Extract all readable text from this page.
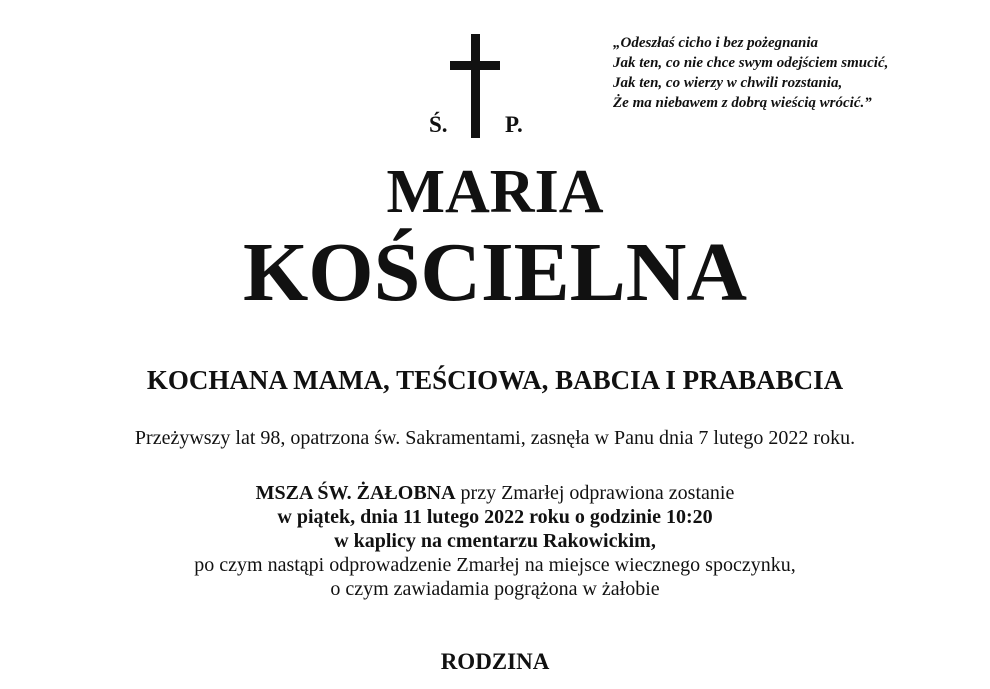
Ś. P.
„Odeszłaś cicho i bez pożegnania
Jak ten, co nie chce swym odejściem smucić,
Jak ten, co wierzy w chwili rozstania,
Że ma niebawem z dobrą wieścią wrócić.”
MARIA
KOŚCIELNA
KOCHANA MAMA, TEŚCIOWA, BABCIA I PRABABCIA
Przeżywszy lat 98, opatrzona św. Sakramentami, zasnęła w Panu dnia 7 lutego 2022 roku.
MSZA ŚW. ŻAŁOBNA przy Zmarłej odprawiona zostanie
w piątek, dnia 11 lutego 2022 roku o godzinie 10:20
w kaplicy na cmentarzu Rakowickim,
po czym nastąpi odprowadzenie Zmarłej na miejsce wiecznego spoczynku,
o czym zawiadamia pogrążona w żałobie
RODZINA
